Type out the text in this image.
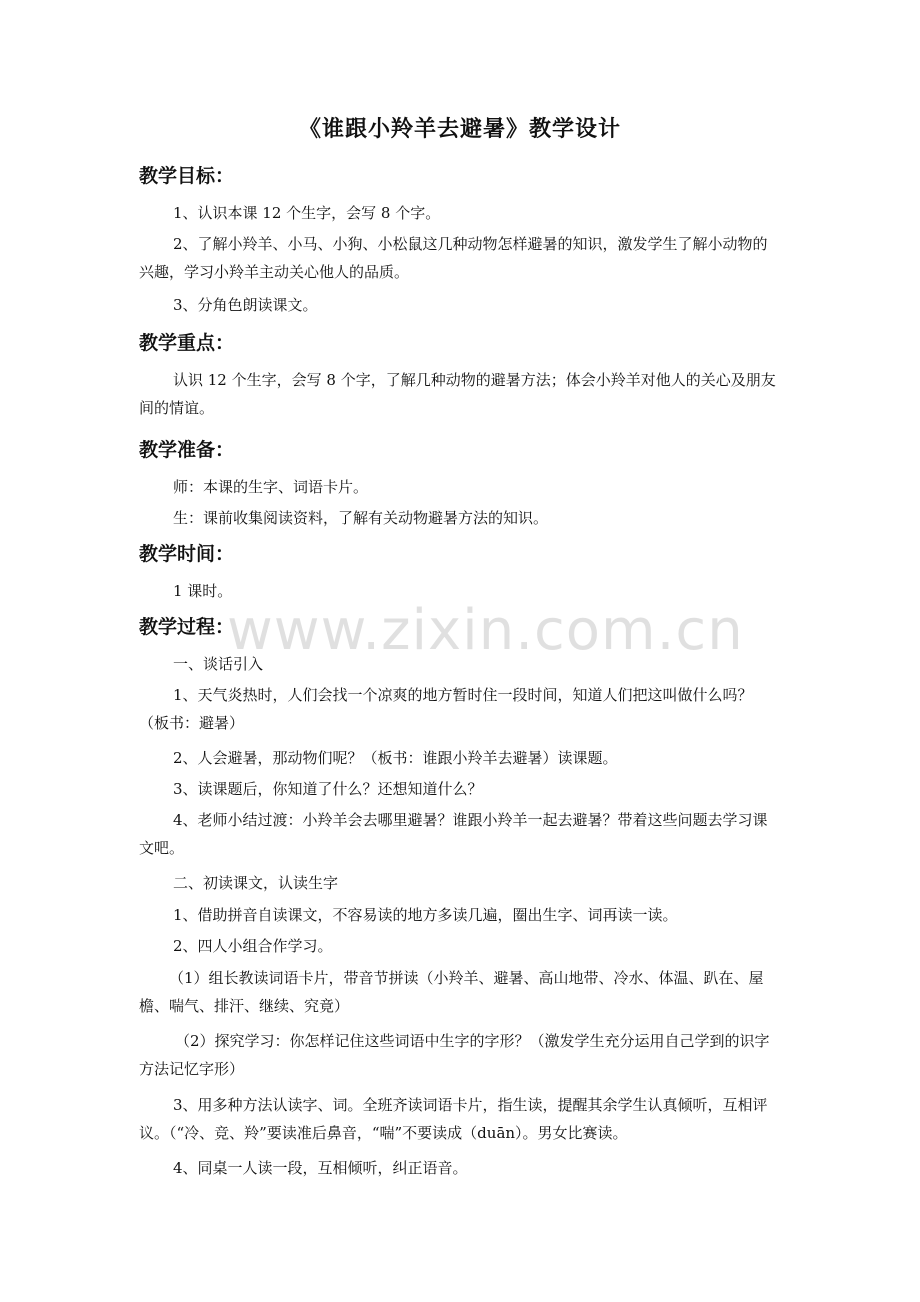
《谁跟小羚羊去避暑》教学设计
教学目标：
1、认识本课 12 个生字，会写 8 个字。
2、了解小羚羊、小马、小狗、小松鼠这几种动物怎样避暑的知识，激发学生了解小动物的兴趣，学习小羚羊主动关心他人的品质。
3、分角色朗读课文。
教学重点：
认识 12 个生字，会写 8 个字，了解几种动物的避暑方法；体会小羚羊对他人的关心及朋友间的情谊。
教学准备：
师：本课的生字、词语卡片。
生：课前收集阅读资料，了解有关动物避暑方法的知识。
教学时间：
1 课时。
教学过程：
一、谈话引入
1、天气炎热时，人们会找一个凉爽的地方暂时住一段时间，知道人们把这叫做什么吗？（板书：避暑）
2、人会避暑，那动物们呢？（板书：谁跟小羚羊去避暑）读课题。
3、读课题后，你知道了什么？还想知道什么？
4、老师小结过渡：小羚羊会去哪里避暑？谁跟小羚羊一起去避暑？带着这些问题去学习课文吧。
二、初读课文，认读生字
1、借助拼音自读课文，不容易读的地方多读几遍，圈出生字、词再读一读。
2、四人小组合作学习。
（1）组长教读词语卡片，带音节拼读（小羚羊、避暑、高山地带、冷水、体温、趴在、屋檐、喘气、排汗、继续、究竟）
（2）探究学习：你怎样记住这些词语中生字的字形？（激发学生充分运用自己学到的识字方法记忆字形）
3、用多种方法认读字、词。全班齐读词语卡片，指生读，提醒其余学生认真倾听，互相评议。（“冷、竞、羚”要读准后鼻音，“喘”不要读成（duān）。男女比赛读。
4、同桌一人读一段，互相倾听，纠正语音。
www.zixin.com.cn
